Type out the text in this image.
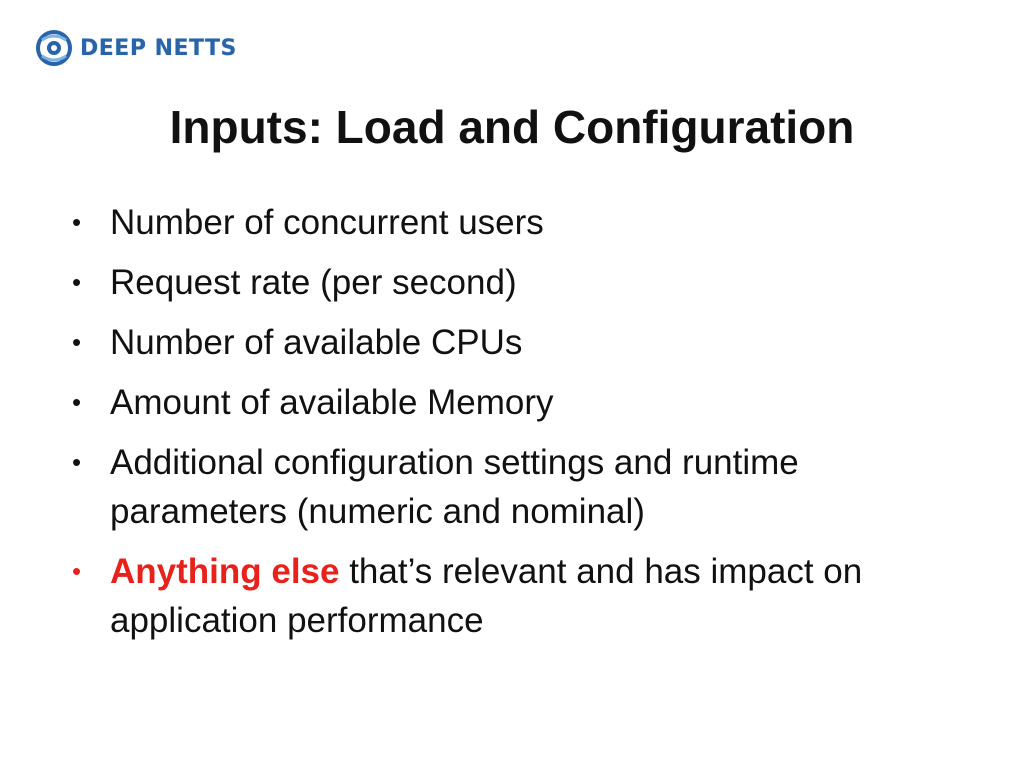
DEEP NETTS
Inputs: Load and Configuration
• Number of concurrent users
• Request rate (per second)
• Number of available CPUs
• Amount of available Memory
• Additional configuration settings and runtime parameters (numeric and nominal)
• Anything else that’s relevant and has impact on application performance
